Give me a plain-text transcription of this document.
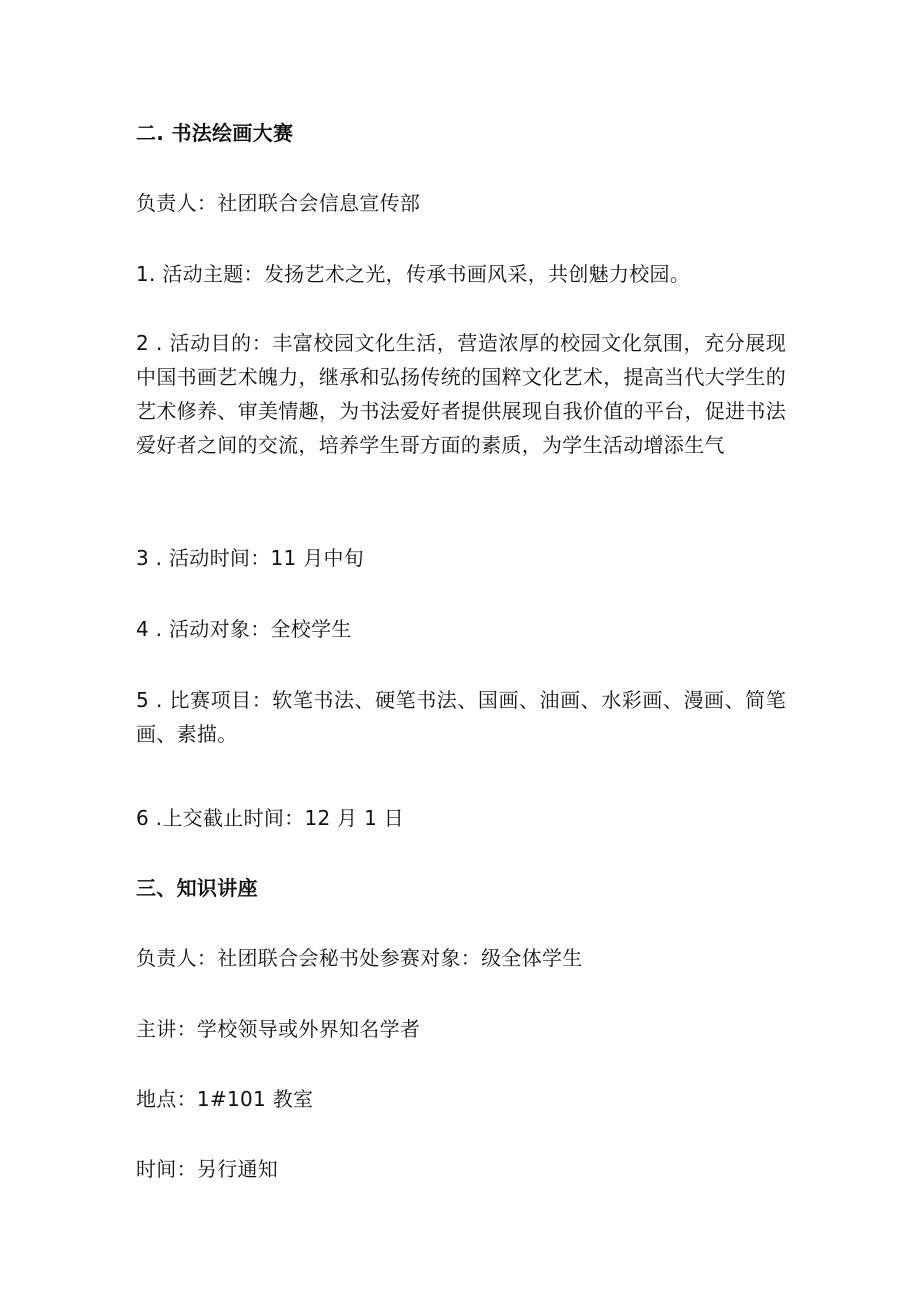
二. 书法绘画大赛
负责人：社团联合会信息宣传部
1. 活动主题：发扬艺术之光，传承书画风采，共创魅力校园。
2 . 活动目的：丰富校园文化生活，营造浓厚的校园文化氛围，充分展现中国书画艺术魄力，继承和弘扬传统的国粹文化艺术，提高当代大学生的艺术修养、审美情趣，为书法爱好者提供展现自我价值的平台，促进书法爱好者之间的交流，培养学生哥方面的素质，为学生活动增添生气
3 . 活动时间：11 月中旬
4 . 活动对象：全校学生
5 . 比赛项目：软笔书法、硬笔书法、国画、油画、水彩画、漫画、简笔画、素描。
6 .上交截止时间：12 月 1 日
三、知识讲座
负责人：社团联合会秘书处参赛对象：级全体学生
主讲：学校领导或外界知名学者
地点：1#101 教室
时间：另行通知
